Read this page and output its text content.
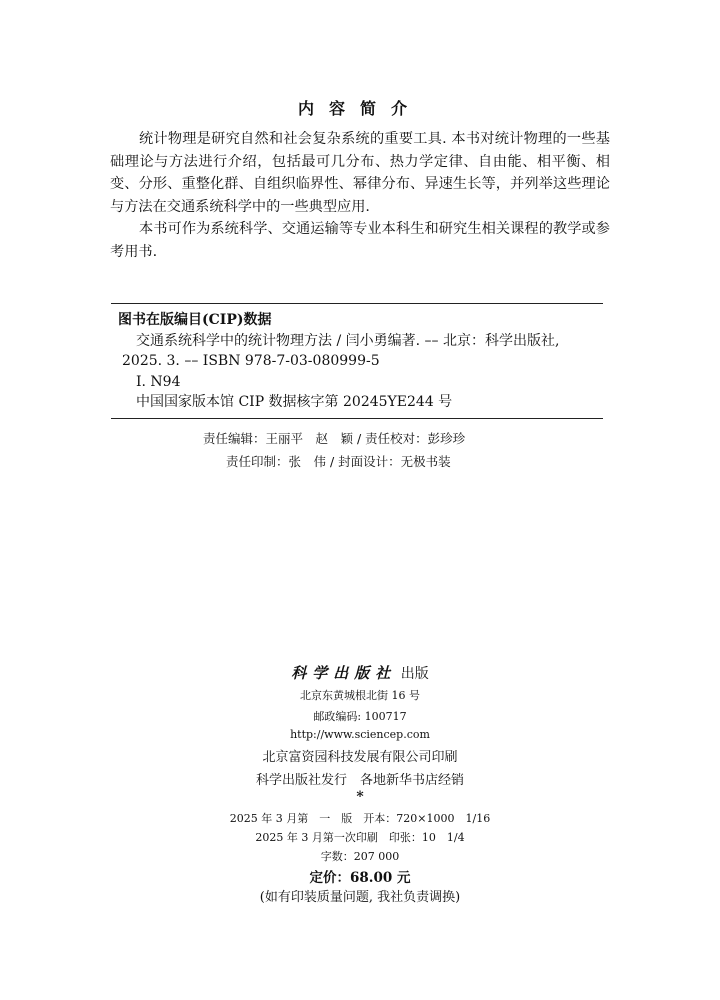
内容简介

统计物理是研究自然和社会复杂系统的重要工具. 本书对统计物理的一些基础理论与方法进行介绍，包括最可几分布、热力学定律、自由能、相平衡、相变、分形、重整化群、自组织临界性、幂律分布、异速生长等，并列举这些理论与方法在交通系统科学中的一些典型应用.

本书可作为系统科学、交通运输等专业本科生和研究生相关课程的教学或参考用书.

图书在版编目(CIP)数据
交通系统科学中的统计物理方法 / 闫小勇编著. –– 北京：科学出版社,
2025. 3. –– ISBN 978-7-03-080999-5
I. N94
中国国家版本馆 CIP 数据核字第 20245YE244 号
责任编辑：王丽平　赵　颖 / 责任校对：彭珍珍
责任印制：张　伟 / 封面设计：无极书装
科学出版社 出版
北京东黄城根北街 16 号
邮政编码: 100717
http://www.sciencep.com
北京富资园科技发展有限公司印刷
科学出版社发行　各地新华书店经销
*
2025 年 3 月第　一　版　开本：720×1000　1/16
2025 年 3 月第一次印刷　印张：10　1/4
字数：207 000
定价：68.00 元
(如有印装质量问题, 我社负责调换)
